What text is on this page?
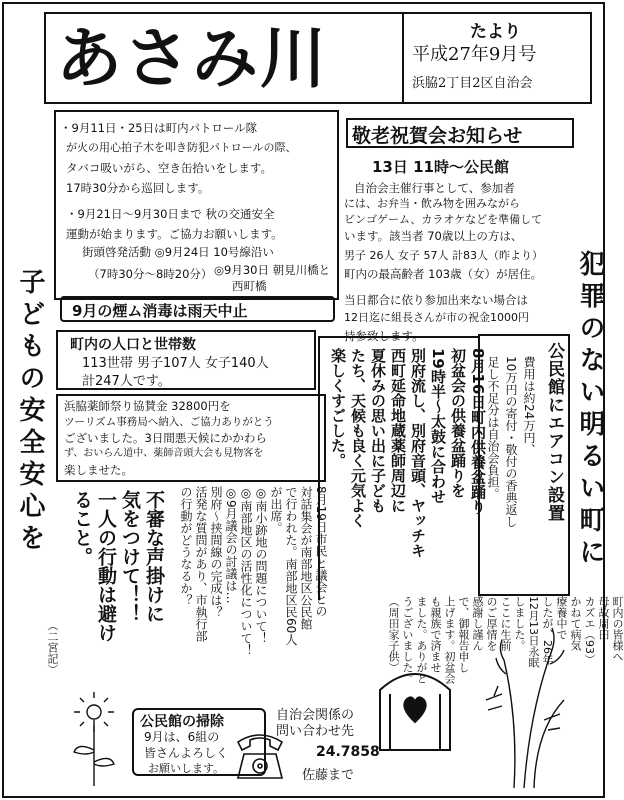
あさみ川	たより
平成27年9月号
浜脇2丁目2区自治会
子どもの安全安心を	犯罪のない明るい町に
・9月11日・25日は町内パトロール隊
が火の用心拍子木を叩き防犯パトロールの際、
タバコ吸いがら、空き缶拾いをします。
17時30分から巡回します。
・9月21日～9月30日まで 秋の交通安全
運動が始まります。ご協力お願いします。
街頭啓発活動 ◎9月24日 10号線沿い
（7時30分～8時20分） ◎9月30日 朝見川橋と
西町橋
9月の煙ム消毒は雨天中止
町内の人口と世帯数
113世帯 男子107人 女子140人
計247人です。
浜脇薬師祭り協賛金 32800円を
ツーリズム事務局へ納入、ご協力ありがとう
ございました。3日間悪天候にかかわら
ず、おいらん道中、薬師音頭大会も見物客を
楽しませた。
敬老祝賀会お知らせ
13日 11時～公民館
自治会主催行事として、参加者
には、お弁当・飲み物を囲みながら
ビンゴゲーム、カラオケなどを準備して
います。該当者 70歳以上の方は、
男子 26人 女子 57人 計83人（昨より）
町内の最高齢者 103歳（女）が居住。
当日都合に依り参加出来ない場合は
12日迄に組長さんが市の祝金1000円
持参致します。
公民館にエアコン設置
費用は約24万円、
10万円の寄付・敬付の香典返し
足し不足分は自治会負担。
8月16日町内供養盆踊り
初盆会の供養盆踊りを
19時半～太鼓に合わせ
別府流し、別府音頭、ヤッチキ
西町延命地蔵薬師周辺に
夏休みの思い出に子ども
たち、天候も良く元気よく
楽しくすごした。
8月19日市民と議会との
対話集会が南部地区公民館
で行われた。南部地区民60人
が出席。
◎南小跡地の問題について！
◎南部地区の活性化について！
◎9月議会の討議は…
別府～挟間線の完成は？
活発な質問があり、市執行部
の行動がどうなるか？
不審な声掛けに
気をつけて！！
一人の行動は避け
ること。
（二宮記）	町内の皆様へ
母故周田
カズエ（93）
かねて病気
療養中で
したが、26年
12月13日永眠
しました。
ここに生前
のご厚情を
感謝し謹ん
で、御報告申し
上げます。初盆会
も親族で済ませ
ました。ありがと
うございました。
（周田家子供）
公民館の掃除
9月は、6組の
皆さんよろしく
お願いします。
自治会関係の
問い合わせ先
24.7858
佐藤まで
